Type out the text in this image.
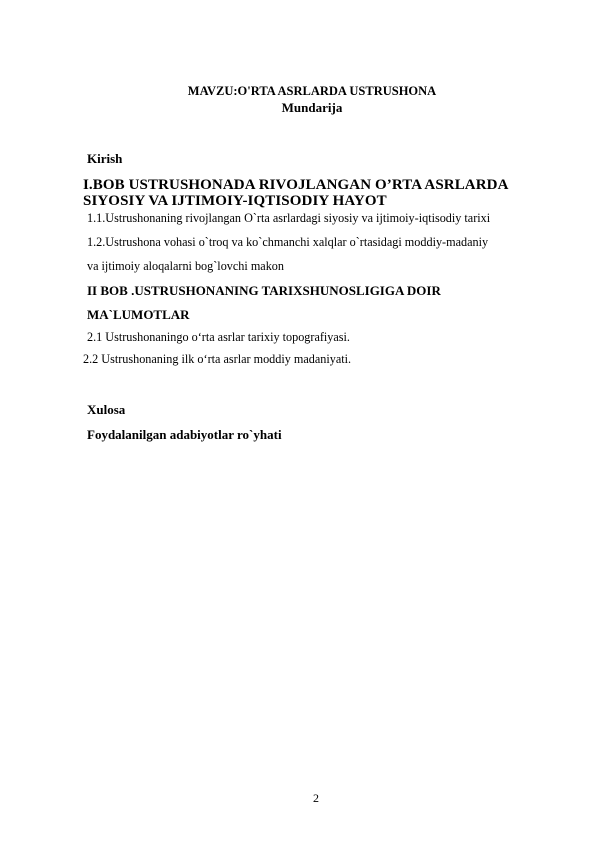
MAVZU:O'RTA ASRLARDA USTRUSHONA
Mundarija
Kirish
I.BOB USTRUSHONADA RIVOJLANGAN O’RTA ASRLARDA
SIYOSIY VA IJTIMOIY-IQTISODIY HAYOT
1.1.Ustrushonaning rivojlangan O`rta asrlardagi siyosiy va ijtimoiy-iqtisodiy tarixi
1.2.Ustrushona vohasi o`troq va ko`chmanchi xalqlar o`rtasidagi moddiy-madaniy
va ijtimoiy aloqalarni bog`lovchi makon
II BOB .USTRUSHONANING TARIXSHUNOSLIGIGA DOIR
MA`LUMOTLAR
2.1 Ustrushonaningo o‘rta asrlar tarixiy topografiyasi.
2.2 Ustrushonaning ilk o‘rta asrlar moddiy madaniyati.
Xulosa
Foydalanilgan adabiyotlar ro`yhati
2
